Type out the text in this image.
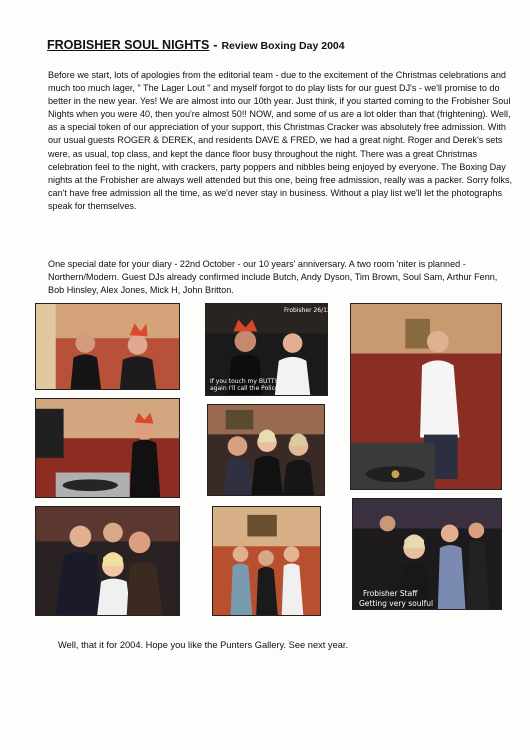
FROBISHER SOUL NIGHTS - Review Boxing Day 2004

Before we start, lots of apologies from the editorial team - due to the excitement of the Christmas celebrations and much too much lager, " The Lager Lout " and myself forgot to do play lists for our guest DJ's - we'll promise to do better in the new year. Yes! We are almost into our 10th year. Just think, if you started coming to the Frobisher Soul Nights when you were 40, then you're almost 50!! NOW, and some of us are a lot older than that (frightening). Well, as a special token of our appreciation of your support, this Christmas Cracker was absolutely free admission. With our usual guests ROGER & DEREK, and residents DAVE & FRED, we had a great night. Roger and Derek's sets were, as usual, top class, and kept the dance floor busy throughout the night. There was a great Christmas celebration feel to the night, with crackers, party poppers and nibbles being enjoyed by everyone. The Boxing Day nights at the Frobisher are always well attended but this one, being free admission, really was a packer. Sorry folks, can't have free admission all the time, as we'd never stay in business. Without a play list we'll let the photographs speak for themselves.

One special date for your diary - 22nd October - our 10 years' anniversary. A two room 'niter is planned - Northern/Modern. Guest DJs already confirmed include Butch, Andy Dyson, Tim Brown, Soul Sam, Arthur Fenn, Bob Hinsley, Alex Jones, Mick H, John Britton.

Frobisher 26/12/04
If you touch my BUTT!!
again I'll call the Police
Frobisher Staff
Getting very soulful

Well, that it for 2004. Hope you like the Punters Gallery. See next year.
